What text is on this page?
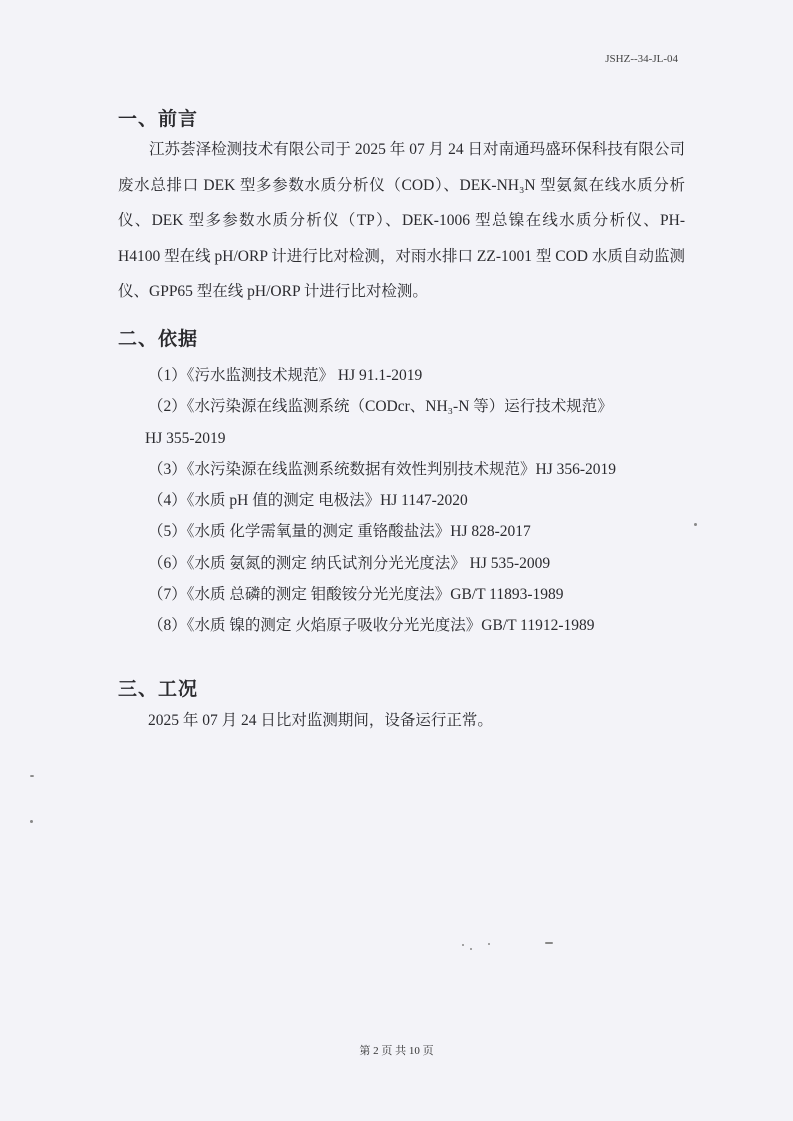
JSHZ--34-JL-04
一、前言

江苏荟泽检测技术有限公司于 2025 年 07 月 24 日对南通玛盛环保科技有限公司废水总排口 DEK 型多参数水质分析仪（COD）、DEK-NH₃N 型氨氮在线水质分析仪、DEK 型多参数水质分析仪（TP）、DEK-1006 型总镍在线水质分析仪、PH-H4100 型在线 pH/ORP 计进行比对检测，对雨水排口 ZZ-1001 型 COD 水质自动监测仪、GPP65 型在线 pH/ORP 计进行比对检测。

二、依据
（1）《污水监测技术规范》 HJ 91.1-2019
（2）《水污染源在线监测系统（CODcr、NH₃-N 等）运行技术规范》
HJ 355-2019
（3）《水污染源在线监测系统数据有效性判别技术规范》HJ 356-2019
（4）《水质 pH 值的测定 电极法》HJ 1147-2020
（5）《水质 化学需氧量的测定 重铬酸盐法》HJ 828-2017
（6）《水质 氨氮的测定 纳氏试剂分光光度法》 HJ 535-2009
（7）《水质 总磷的测定 钼酸铵分光光度法》GB/T 11893-1989
（8）《水质 镍的测定 火焰原子吸收分光光度法》GB/T 11912-1989
三、工况
2025 年 07 月 24 日比对监测期间，设备运行正常。
第 2 页 共 10 页
